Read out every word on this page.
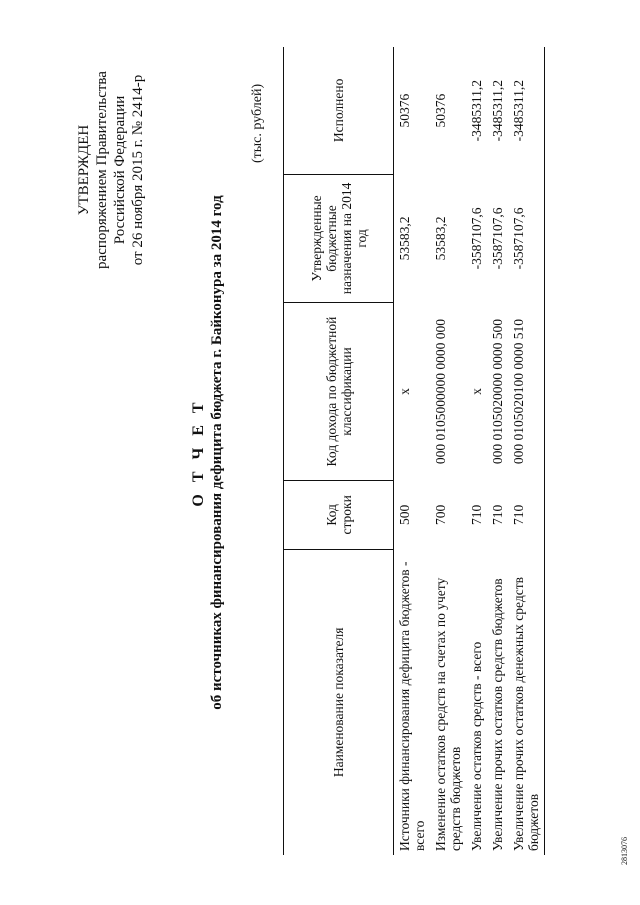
УТВЕРЖДЕН распоряжением Правительства Российской Федерации от 26 ноября 2015 г. № 2414-р
О Т Ч Е Т об источниках финансирования дефицита бюджета г. Байконура за 2014 год
(тыс. рублей)
Наименование показателя	Код строки	Код дохода по бюджетной классификации	Утвержденные бюджетные назначения на 2014 год	Исполнено
Источники финансирования дефицита бюджетов - всего	500	x	53583,2	50376
Изменение остатков средств на счетах по учету средств бюджетов	700	000 0105000000 0000 000	53583,2	50376
Увеличение остатков средств - всего	710	x	-3587107,6	-3485311,2
Увеличение прочих остатков средств бюджетов	710	000 0105020000 0000 500	-3587107,6	-3485311,2
Увеличение прочих остатков денежных средств бюджетов	710	000 0105020100 0000 510	-3587107,6	-3485311,2
2813076
